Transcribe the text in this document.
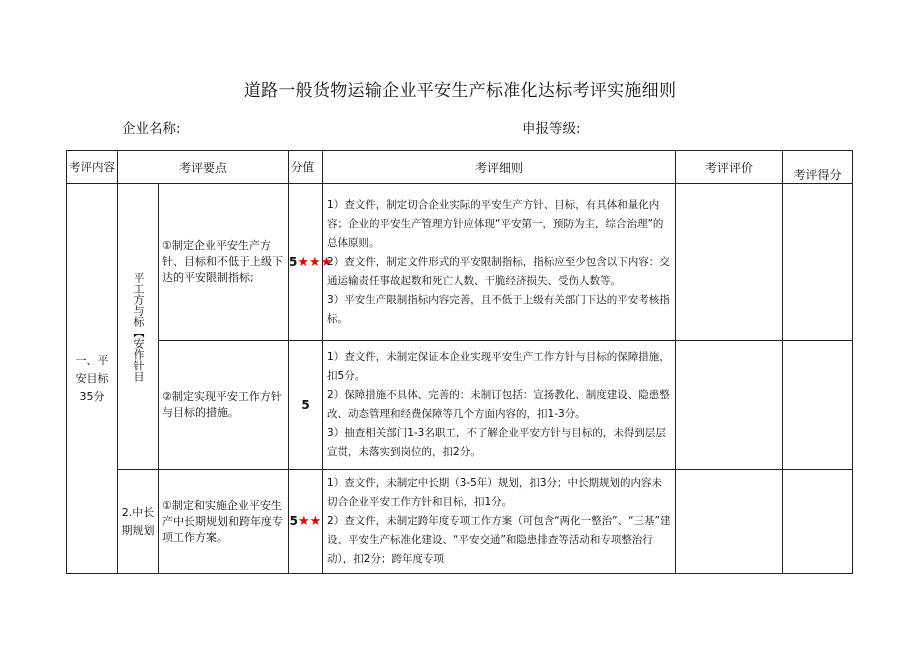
道路一般货物运输企业平安生产标准化达标考评实施细则
企业名称:	申报等级:
考评内容	考评要点		分值	考评细则	考评评价	考评得分

一、平安目标35分	平工方与标【安作针目	①制定企业平安生产方针、目标和不低于上级下达的平安限制指标;	5★★★	1）查文件，制定切合企业实际的平安生产方针、目标，有具体和量化内容；企业的平安生产管理方针应体现“平安第一，预防为主，综合治理”的总体原则。
2）查文件，制定文件形式的平安限制指标，指标应至少包含以下内容：交通运输责任事故起数和死亡人数、干脆经济损失、受伤人数等。
3）平安生产限制指标内容完善，且不低于上级有关部门下达的平安考核指标。		
		②制定实现平安工作方针与目标的措施。	5	1）查文件，未制定保证本企业实现平安生产工作方针与目标的保障措施，扣5分。
2）保障措施不具体、完善的：未制订包括：宣扬教化、制度建设、隐患整改、动态管理和经费保障等几个方面内容的，扣1-3分。
3）抽查相关部门1-3名职工，不了解企业平安方针与目标的，未得到层层宣贯，未落实到岗位的，扣2分。		

	2.中长期规划	①制定和实施企业平安生产中长期规划和跨年度专项工作方案。	5★★	1）查文件，未制定中长期（3-5年）规划，扣3分；中长期规划的内容未切合企业平安工作方针和目标，扣1分。
2）查文件，未制定跨年度专项工作方案（可包含“两化一整治”、“三基”建设、平安生产标准化建设、“平安交通”和隐患排查等活动和专项整治行动），扣2分；跨年度专项		
